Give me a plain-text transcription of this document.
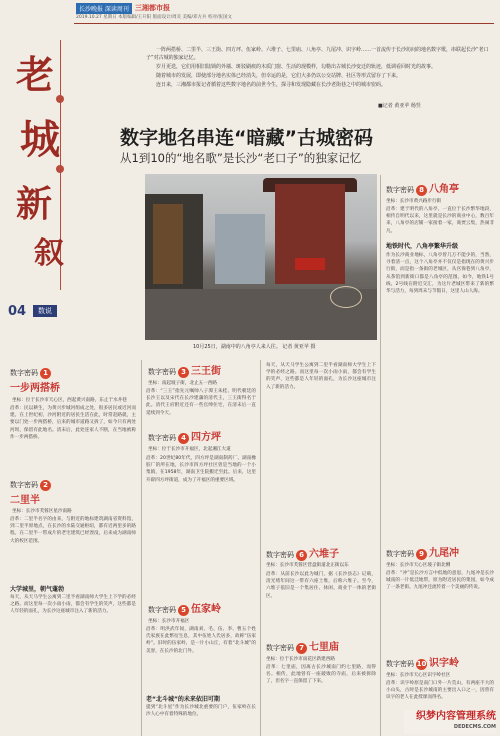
长沙晚报 深读周刊 三湘都市报
2019.10.27 星期日 本版编辑/王开阳 版面设计/周炎 美编/邓方兵 校对/张国文
老
城
新
叙
04	数说

一阵两搭桥、二里半、三王街、四方坪、伍家岭、六堆子、七里庙、八角亭、九尾冲、识字岭……一首流传于长沙坊间的地名数字歌，串联起长沙“老口子”对古城的独家记忆。

岁月更迭，它们用相旧陆锁的外墙、斑驳刷痕的木质门窗、生活的现模样，勾勒出古城长沙变迁的轨迹，低调看回时光的故事。

随着城市的发展，即使部分地名实体已经消失，但幸运的是，它们大多仍以公交站牌、社区等形式留存了下来。

连日来，三湘都市报记者循着这些数字地名的前世今生，探寻和发现隐藏在长沙老街巷之中的城市密码。

■记者 黄亚苹 杨竖
数字地名串连“暗藏”古城密码
从1到10的“地名歌”是长沙“老口子”的独家记忆
10月25日，湖南中的八角亭人来人往。 记者 黄亚苹 摄
数字密码 1
一步两搭桥
坐标：位于长沙市天心区，西起黄兴南路，东止于水井巷
沿革：民以耕生，为黄兴步城河组成之处，很多居民或近河而建。在上世纪初，沙河附近的居民生活在此，时常赶路就，主要以门处一步两搭桥，后来的城市道路又拆了，如今只有两处河坝，保留有此地名。清末后，此处连家人不断，在当地被称作一步两搭桥。
数字密码 2
二里半
坐标：长沙市芙蓉区星沙南路
沿革：二里半名字的由来，与附近的地标建筑湖南省资料馆，到二里半原地点，在长沙的水陆交通枢纽，都有近两里多的路程。在二里半一带成片的老宅建筑已经湮没，后来成为湖南师大的校区范围。
大学城里，朝气蓬勃
每天，从天马学生公寓到二里半看湖南师大学生上下学的必经之路。而这里每一次小雨小雨，都会有学生的笑声，这些都是人年轻的面孔，为长沙这座城市注入了新的活力。
数字密码 3 三王街
坐标：南起坡子街，北止五一西路
沿革：“三王”指先元嘱帅八子潭王朱桂、明代朝廷的长沙王以及宋代在长沙建藩的清代王，三王街得名于此。清代王府附近还有一些官绅住宅，在清末后一直延续到今天。
数字密码 4 四方坪
坐标：位于长沙市开福区，北起湘江大道
沿革：20世纪80年代，四方坪是湖南制药厂、湖南橡胶厂的所在地，长沙市四方坪社区曾是当地的一个小集镇，在1958年，湖南卫生院搬迁至此。后来，这里开辟四方坪街道，成为了开福区的重要区域。
数字密码 5 伍家岭
坐标：长沙市开福区
沿革：明洪武年间，湖南刘、毛、伍、李、曹五个姓氏家族在此繁衍生息，其中伍姓人氏居多，故称“伍家岭”。旧时的伍家岭，是一片小山丘，有着“北斗城”的美誉，在长沙的北门外。
老“北斗城”的未来依旧可期
提到“北斗星”作为长沙城北重要的门户，伍家岭在长沙人心中有着特殊的地位。
每天，从天马学生公寓到二里半看湖南师大学生上下学的必经之路。而这里每一次小雨小雨，都会有学生的笑声，这些都是人年轻的面孔，为长沙这座城市注入了新的活力。
数字密码 6 六堆子
坐标：长沙市芙蓉区营盘街道北正街以东
沿革：从前长沙以此为城门，据《长沙县志》记载，清光绪年间这一带有六座土堆，后称六堆子。至今，六堆子依旧是一个集居住、休闲、商业于一体的老街区。
数字密码 7 七里庙
坐标：位于长沙市雨花区新建西路
沿革：七里庙，因离古长沙城南门约七里路，而得名。相传，此地曾有一座破败的寺庙，后来被拆除了，但名字一直保留了下来。
数字密码 8 八角亭
坐标：长沙市黄兴路步行街
沿革：建于明代的八角亭，一直位于长沙繁华地段，相传自明代以来，这里就是长沙的商业中心，数百年来，八角亭的店铺一家接着一家，商贾云集，热闹非凡。
地铁时代，八角亭繁华升级
作为长沙商业地标，八角亭曾几万不能少的，当然，寻着清一点，这个八角亭并不仅仅是指现在的黄兴步行街，而是指一条街的老城区，从宫保巷到八角亭，从茶馆到新街口都是八角亭的范围。如今，地铁1号线、2号线在附近交汇，为这片老城区带来了新的繁华与活力，每到周末与节假日，这里人山人海。
数字密码 9 九尾冲
坐标：长沙市天心区坡子街北侧
沿革：“冲”是长沙方言中低地的意思，九尾冲是长沙城南的一片低洼地带，原为附近居民的菜园，如今成了一条老街。九尾冲还流传着一个美丽的传说。
数字密码 10 识字岭
坐标：长沙市天心区识字岭社区
沿革：识字岭原是南门口外一片荒山，有两座不大的小山头，古时是长沙城南的主要出入口之一，因曾有识字的老人在此授课而得名。
织梦内容管理系统
DEDECMS.COM
